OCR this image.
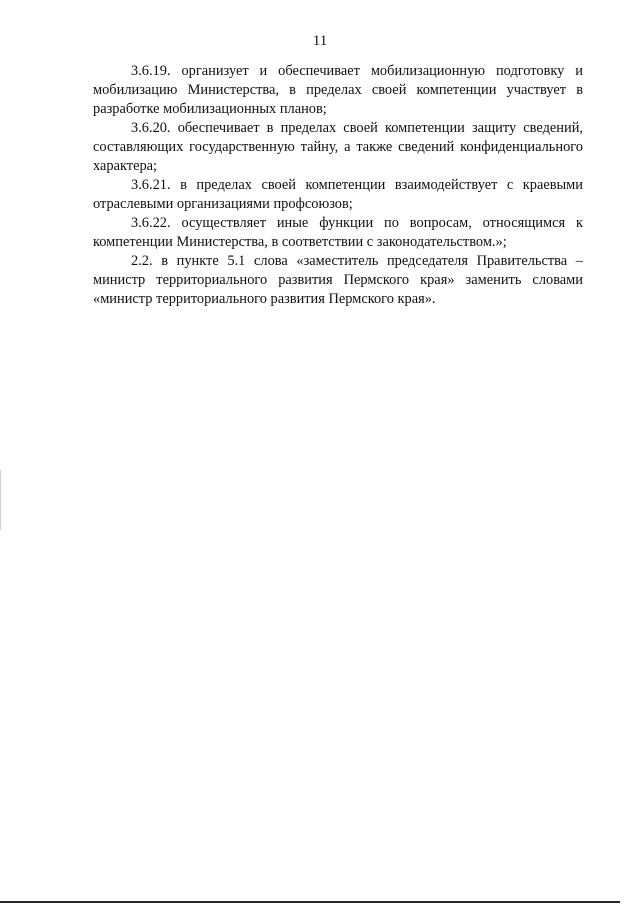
11

3.6.19. организует и обеспечивает мобилизационную подготовку и мобилизацию Министерства, в пределах своей компетенции участвует в разработке мобилизационных планов;

3.6.20. обеспечивает в пределах своей компетенции защиту сведений, составляющих государственную тайну, а также сведений конфиденциального характера;

3.6.21. в пределах своей компетенции взаимодействует с краевыми отраслевыми организациями профсоюзов;

3.6.22. осуществляет иные функции по вопросам, относящимся к компетенции Министерства, в соответствии с законодательством.»;

2.2. в пункте 5.1 слова «заместитель председателя Правительства – министр территориального развития Пермского края» заменить словами «министр территориального развития Пермского края».
